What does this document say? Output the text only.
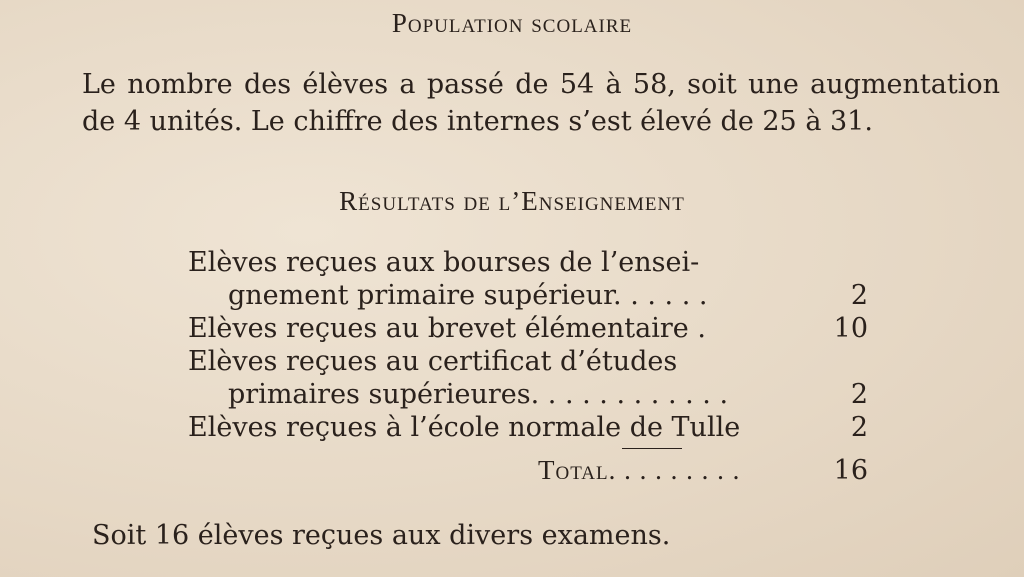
Population scolaire
Le nombre des élèves a passé de 54 à 58, soit une augmentation de 4 unités. Le chiffre des internes s’est élevé de 25 à 31.
Résultats de l’Enseignement
Elèves reçues aux bourses de l’ensei-
gnement primaire supérieur. . . . . .	2
Elèves reçues au brevet élémentaire .	10
Elèves reçues au certificat d’études
primaires supérieures. . . . . . . . . . . .	2
Elèves reçues à l’école normale de Tulle	2
Total. . . . . . . . .	16
Soit 16 élèves reçues aux divers examens.
